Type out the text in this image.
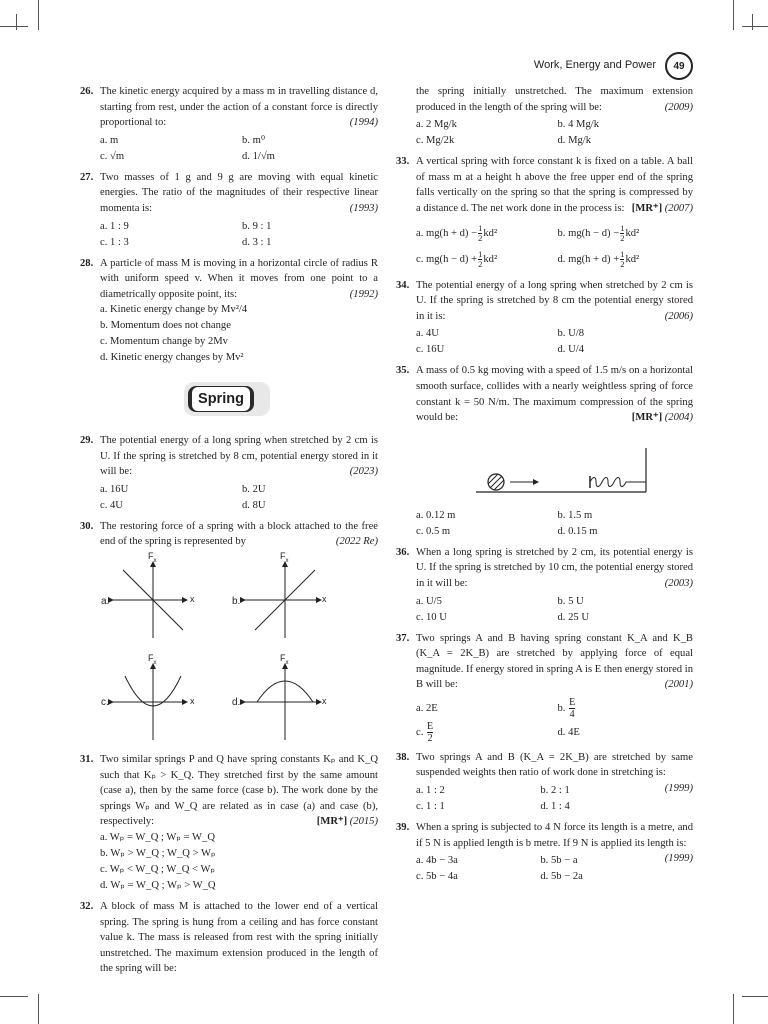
Work, Energy and Power	49
26. The kinetic energy acquired by a mass m in travelling distance d, starting from rest, under the action of a constant force is directly proportional to:	(1994)
a. m	b. m⁰
c. √m	d. 1/√m
27. Two masses of 1 g and 9 g are moving with equal kinetic energies. The ratio of the magnitudes of their respective linear momenta is:	(1993)
a. 1 : 9	b. 9 : 1
c. 1 : 3	d. 3 : 1
28. A particle of mass M is moving in a horizontal circle of radius R with uniform speed v. When it moves from one point to a diametrically opposite point, its:	(1992)
a. Kinetic energy change by Mv²/4
b. Momentum does not change
c. Momentum change by 2Mv
d. Kinetic energy changes by Mv²
Spring
29. The potential energy of a long spring when stretched by 2 cm is U. If the spring is stretched by 8 cm, potential energy stored in it will be:	(2023)
a. 16U	b. 2U
c. 4U	d. 8U
30. The restoring force of a spring with a block attached to the free end of the spring is represented by	(2022 Re)
a.	b.
c.	d.
$F_x$	$F_x$
$F_x$	$F_x$
x	x
x	x
31. Two similar springs P and Q have spring constants Kₚ and K_Q such that Kₚ > K_Q. They stretched first by the same amount (case a), then by the same force (case b). The work done by the springs Wₚ and W_Q are related as in case (a) and case (b), respectively:	[MR⁺] (2015)
a. Wₚ = W_Q ; Wₚ = W_Q
b. Wₚ > W_Q ; W_Q > Wₚ
c. Wₚ < W_Q ; W_Q < Wₚ
d. Wₚ = W_Q ; Wₚ > W_Q
32. A block of mass M is attached to the lower end of a vertical spring. The spring is hung from a ceiling and has force constant value k. The mass is released from rest with the spring initially unstretched. The maximum extension produced in the length of the spring will be:
the spring initially unstretched. The maximum extension produced in the length of the spring will be:	(2009)
a. 2 Mg/k	b. 4 Mg/k
c. Mg/2k	d. Mg/k
33. A vertical spring with force constant k is fixed on a table. A ball of mass m at a height h above the free upper end of the spring falls vertically on the spring so that the spring is compressed by a distance d. The net work done in the process is: [MR⁺] (2007)
a. $mg(h + d) - \frac{1}{2} kd^2$	b. $mg(h - d) - \frac{1}{2} kd^2$
c. $mg(h - d) + \frac{1}{2} kd^2$	d. $mg(h + d) + \frac{1}{2} kd^2$
34. The potential energy of a long spring when stretched by 2 cm is U. If the spring is stretched by 8 cm the potential energy stored in it is:	(2006)
a. 4U	b. U/8
c. 16U	d. U/4
35. A mass of 0.5 kg moving with a speed of 1.5 m/s on a horizontal smooth surface, collides with a nearly weightless spring of force constant k = 50 N/m. The maximum compression of the spring would be:	[MR⁺] (2004)
a. 0.12 m	b. 1.5 m
c. 0.5 m	d. 0.15 m
36. When a long spring is stretched by 2 cm, its potential energy is U. If the spring is stretched by 10 cm, the potential energy stored in it will be:	(2003)
a. U/5	b. 5 U
c. 10 U	d. 25 U
37. Two springs A and B having spring constant K_A and K_B (K_A = 2K_B) are stretched by applying force of equal magnitude. If energy stored in spring A is E then energy stored in B will be:	(2001)
a. 2E	b. $\frac{E}{4}$
c. $\frac{E}{2}$	d. 4E
38. Two springs A and B (K_A = 2K_B) are stretched by same suspended weights then ratio of work done in stretching is:
(1999)
a. 1 : 2	b. 2 : 1
c. 1 : 1	d. 1 : 4
39. When a spring is subjected to 4 N force its length is a metre, and if 5 N is applied length is b metre. If 9 N is applied its length is:
(1999)
a. 4b − 3a	b. 5b − a
c. 5b − 4a	d. 5b − 2a
